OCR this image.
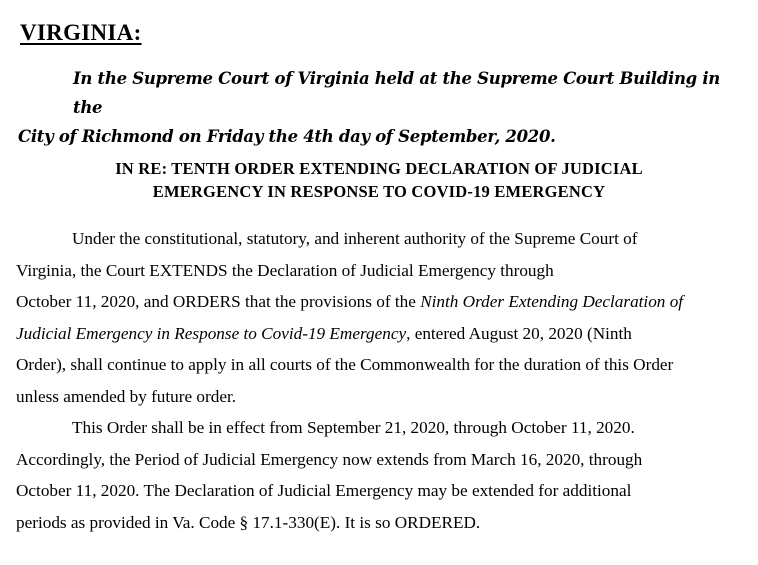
VIRGINIA:
In the Supreme Court of Virginia held at the Supreme Court Building in the
City of Richmond on Friday the 4th day of September, 2020.
IN RE: TENTH ORDER EXTENDING DECLARATION OF JUDICIAL
EMERGENCY IN RESPONSE TO COVID-19 EMERGENCY
Under the constitutional, statutory, and inherent authority of the Supreme Court of
Virginia, the Court EXTENDS the Declaration of Judicial Emergency through
October 11, 2020, and ORDERS that the provisions of the Ninth Order Extending Declaration of
Judicial Emergency in Response to Covid-19 Emergency, entered August 20, 2020 (Ninth
Order), shall continue to apply in all courts of the Commonwealth for the duration of this Order
unless amended by future order.
This Order shall be in effect from September 21, 2020, through October 11, 2020.
Accordingly, the Period of Judicial Emergency now extends from March 16, 2020, through
October 11, 2020. The Declaration of Judicial Emergency may be extended for additional
periods as provided in Va. Code § 17.1-330(E). It is so ORDERED.
